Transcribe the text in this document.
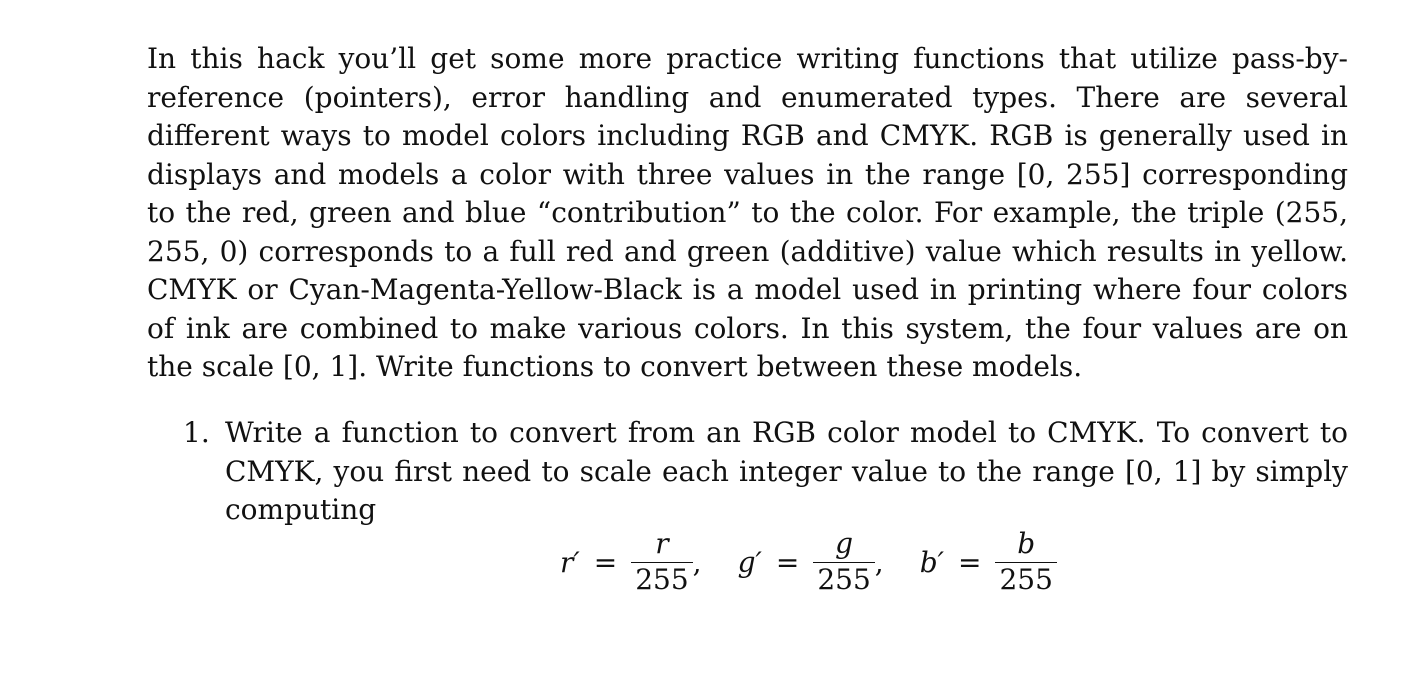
In this hack you’ll get some more practice writing functions that utilize pass-by-reference (pointers), error handling and enumerated types. There are several different ways to model colors including RGB and CMYK. RGB is generally used in displays and models a color with three values in the range [0, 255] corresponding to the red, green and blue “contribution” to the color. For example, the triple (255, 255, 0) corresponds to a full red and green (additive) value which results in yellow. CMYK or Cyan-Magenta-Yellow-Black is a model used in printing where four colors of ink are combined to make various colors. In this system, the four values are on the scale [0, 1]. Write functions to convert between these models.

1. Write a function to convert from an RGB color model to CMYK. To convert to CMYK, you first need to scale each integer value to the range [0, 1] by simply computing

$r' = \frac{r}{255}$ , $g' = \frac{g}{255}$ , $b' = \frac{b}{255}$
